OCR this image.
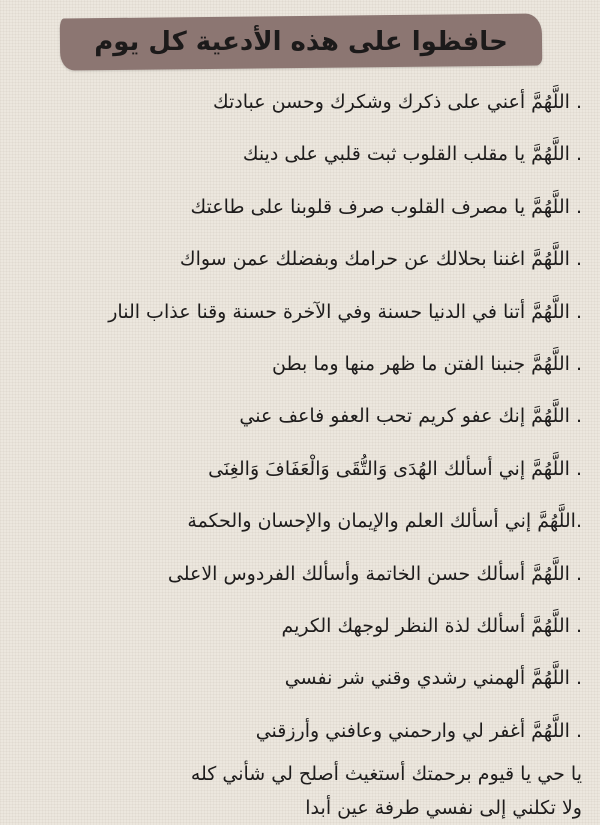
حافظوا على هذه الأدعية كل يوم
. اللَّهُمَّ أعني على ذكرك وشكرك وحسن عبادتك
. اللَّهُمَّ يا مقلب القلوب ثبت قلبي على دينك
. اللَّهُمَّ يا مصرف القلوب صرف قلوبنا على طاعتك
. اللَّهُمَّ اغننا بحلالك عن حرامك وبفضلك عمن سواك
. اللَّهُمَّ أتنا في الدنيا حسنة وفي الآخرة حسنة وقنا عذاب النار
. اللَّهُمَّ جنبنا الفتن ما ظهر منها وما بطن
. اللَّهُمَّ إنك عفو كريم تحب العفو فاعف عني
. اللَّهُمَّ إني أسألك الهُدَى وَالتُّقَى وَالْعَفَافَ وَالغِنَى
.اللَّهُمَّ إني أسألك العلم والإيمان والإحسان والحكمة
. اللَّهُمَّ أسألك حسن الخاتمة وأسألك الفردوس الاعلى
. اللَّهُمَّ أسألك لذة النظر لوجهك الكريم
. اللَّهُمَّ ألهمني رشدي وقني شر نفسي
. اللَّهُمَّ أغفر لي وارحمني وعافني وأرزقني
يا حي يا قيوم برحمتك أستغيث أصلح لي شأني كله
ولا تكلني إلى نفسي طرفة عين أبدا
